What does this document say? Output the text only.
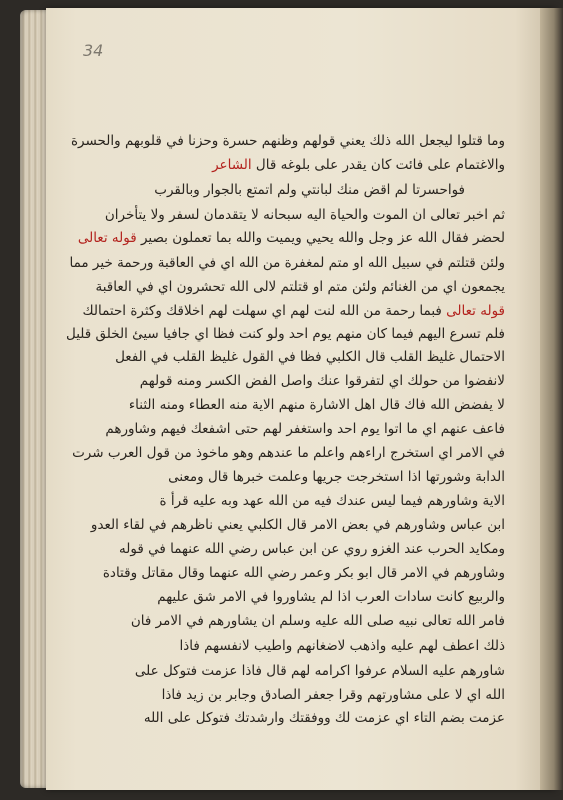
34
وما قتلوا ليجعل الله ذلك يعني قولهم وظنهم حسرة وحزنا في قلوبهم والحسرة
والاغتمام على فائت كان يقدر على بلوغه قال الشاعر
فواحسرتا لم اقض منك لبانتي ولم اتمتع بالجوار وبالقرب
ثم اخبر تعالى ان الموت والحياة اليه سبحانه لا يتقدمان لسفر ولا يتأخران
لحضر فقال الله عز وجل والله يحيي ويميت والله بما تعملون بصير قوله تعالى
ولئن قتلتم في سبيل الله او متم لمغفرة من الله اي في العاقبة ورحمة خير مما
يجمعون اي من الغنائم ولئن متم او قتلتم لالى الله تحشرون اي في العاقبة
قوله تعالى فبما رحمة من الله لنت لهم اي سهلت لهم اخلاقك وكثرة احتمالك
فلم تسرع اليهم فيما كان منهم يوم احد ولو كنت فظا اي جافيا سيئ الخلق قليل
الاحتمال غليظ القلب قال الكلبي فظا في القول غليظ القلب في الفعل
لانفضوا من حولك اي لتفرقوا عنك واصل الفض الكسر ومنه قولهم
لا يفضض الله فاك قال اهل الاشارة منهم الاية منه العطاء ومنه الثناء
فاعف عنهم اي ما اتوا يوم احد واستغفر لهم حتى اشفعك فيهم وشاورهم
في الامر اي استخرج اراءهم واعلم ما عندهم وهو ماخوذ من قول العرب شرت
الدابة وشورتها اذا استخرجت جريها وعلمت خبرها قال ومعنى
الاية وشاورهم فيما ليس عندك فيه من الله عهد وبه عليه قرأ ة
ابن عباس وشاورهم في بعض الامر قال الكلبي يعني ناظرهم في لقاء العدو
ومكايد الحرب عند الغزو روي عن ابن عباس رضي الله عنهما في قوله
وشاورهم في الامر قال ابو بكر وعمر رضي الله عنهما وقال مقاتل وقتادة
والربيع كانت سادات العرب اذا لم يشاوروا في الامر شق عليهم
فامر الله تعالى نبيه صلى الله عليه وسلم ان يشاورهم في الامر فان
ذلك اعطف لهم عليه واذهب لاضغانهم واطيب لانفسهم فاذا
شاورهم عليه السلام عرفوا اكرامه لهم قال فاذا عزمت فتوكل على
الله اي لا على مشاورتهم وقرا جعفر الصادق وجابر بن زيد فاذا
عزمت بضم التاء اي عزمت لك ووفقتك وارشدتك فتوكل على الله
